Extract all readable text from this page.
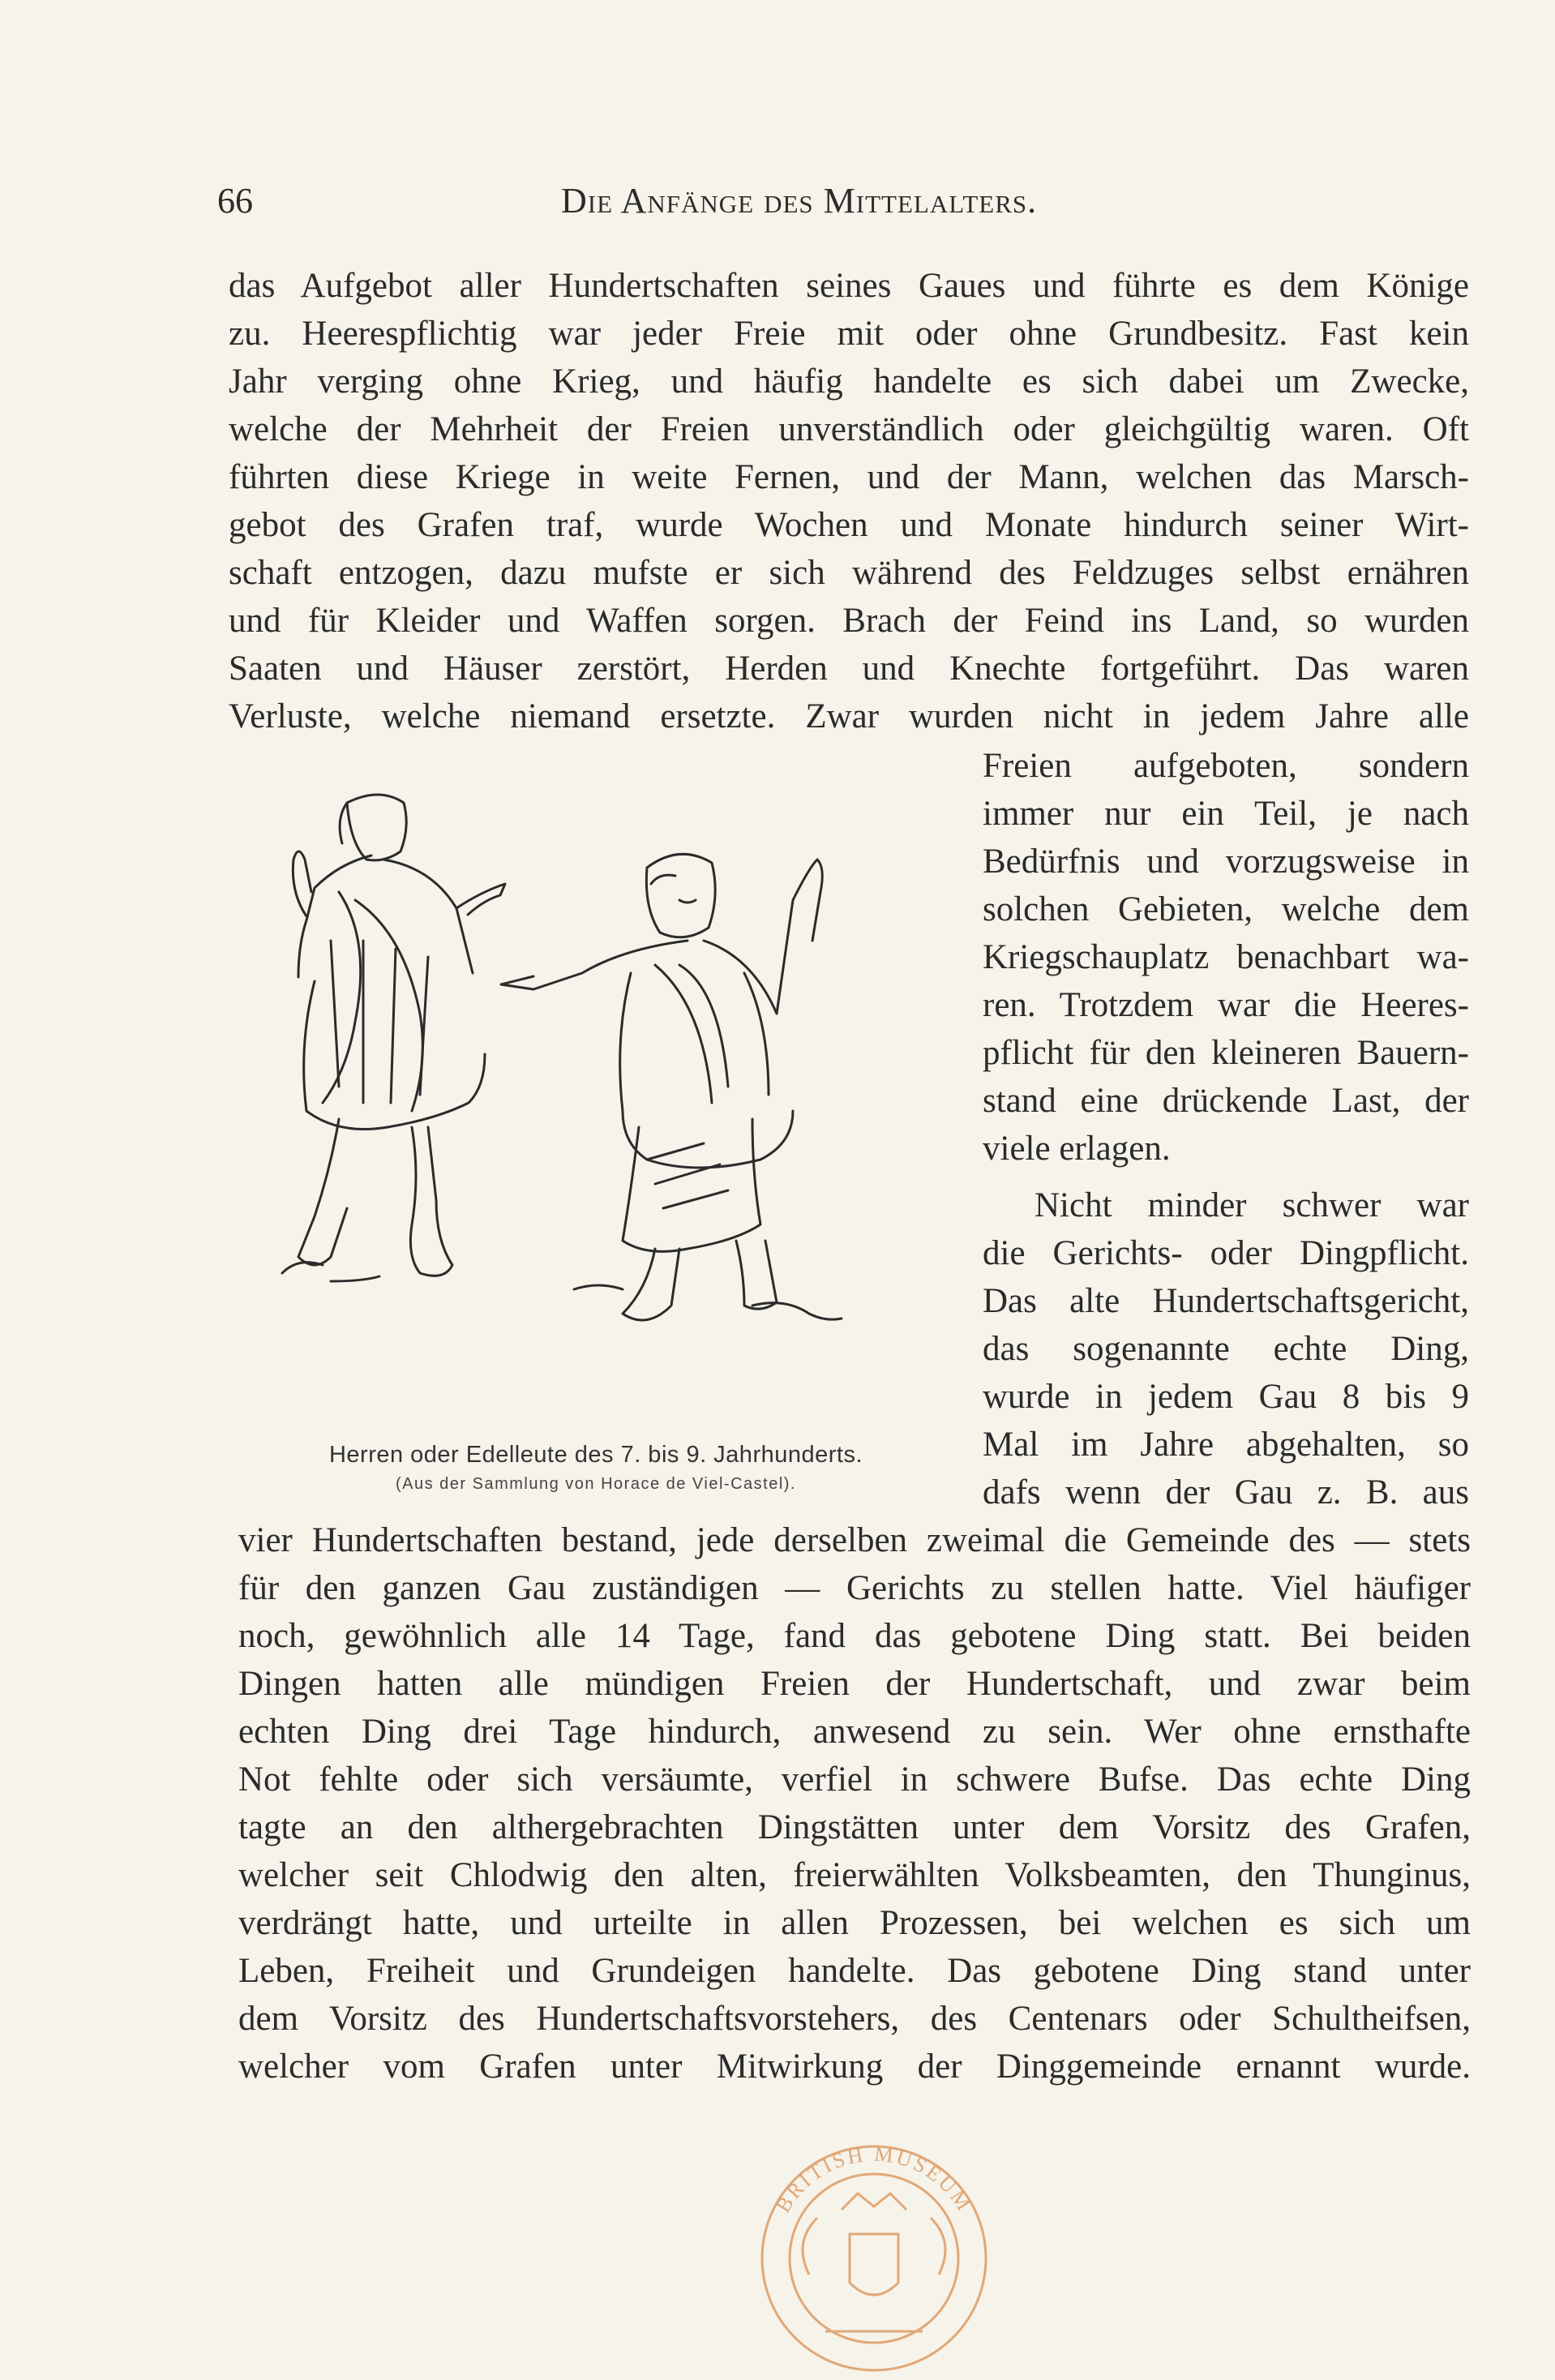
66	Die Anfänge des Mittelalters.
das Aufgebot aller Hundertschaften seines Gaues und führte es dem Könige
zu. Heerespflichtig war jeder Freie mit oder ohne Grundbesitz. Fast kein
Jahr verging ohne Krieg, und häufig handelte es sich dabei um Zwecke,
welche der Mehrheit der Freien unverständlich oder gleichgültig waren. Oft
führten diese Kriege in weite Fernen, und der Mann, welchen das Marsch-
gebot des Grafen traf, wurde Wochen und Monate hindurch seiner Wirt-
schaft entzogen, dazu mufste er sich während des Feldzuges selbst ernähren
und für Kleider und Waffen sorgen. Brach der Feind ins Land, so wurden
Saaten und Häuser zerstört, Herden und Knechte fortgeführt. Das waren
Verluste, welche niemand ersetzte. Zwar wurden nicht in jedem Jahre alle
Freien aufgeboten, sondern
immer nur ein Teil, je nach
Bedürfnis und vorzugsweise in
solchen Gebieten, welche dem
Kriegschauplatz benachbart wa-
ren. Trotzdem war die Heeres-
pflicht für den kleineren Bauern-
stand eine drückende Last, der
viele erlagen.
Nicht minder schwer war
die Gerichts- oder Dingpflicht.
Das alte Hundertschaftsgericht,
das sogenannte echte Ding,
wurde in jedem Gau 8 bis 9
Mal im Jahre abgehalten, so
dafs wenn der Gau z. B. aus
Herren oder Edelleute des 7. bis 9. Jahrhunderts.
(Aus der Sammlung von Horace de Viel-Castel).
vier Hundertschaften bestand, jede derselben zweimal die Gemeinde des — stets
für den ganzen Gau zuständigen — Gerichts zu stellen hatte. Viel häufiger
noch, gewöhnlich alle 14 Tage, fand das gebotene Ding statt. Bei beiden
Dingen hatten alle mündigen Freien der Hundertschaft, und zwar beim
echten Ding drei Tage hindurch, anwesend zu sein. Wer ohne ernsthafte
Not fehlte oder sich versäumte, verfiel in schwere Bufse. Das echte Ding
tagte an den althergebrachten Dingstätten unter dem Vorsitz des Grafen,
welcher seit Chlodwig den alten, freierwählten Volksbeamten, den Thunginus,
verdrängt hatte, und urteilte in allen Prozessen, bei welchen es sich um
Leben, Freiheit und Grundeigen handelte. Das gebotene Ding stand unter
dem Vorsitz des Hundertschaftsvorstehers, des Centenars oder Schultheifsen,
welcher vom Grafen unter Mitwirkung der Dinggemeinde ernannt wurde.
BRITISH MUSEUM
